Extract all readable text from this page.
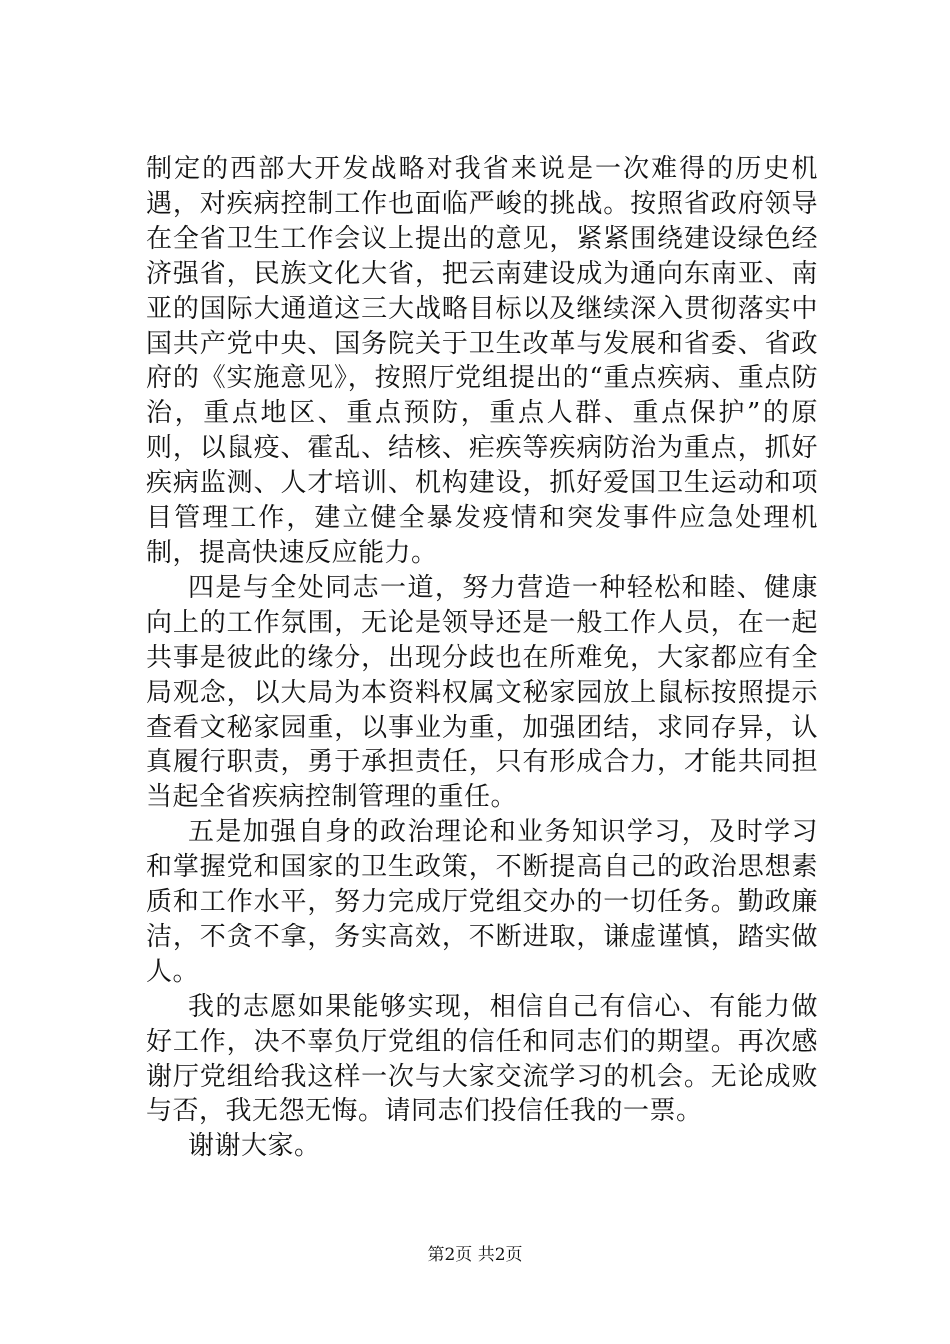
制定的西部大开发战略对我省来说是一次难得的历史机遇，对疾病控制工作也面临严峻的挑战。按照省政府领导在全省卫生工作会议上提出的意见，紧紧围绕建设绿色经济强省，民族文化大省，把云南建设成为通向东南亚、南亚的国际大通道这三大战略目标以及继续深入贯彻落实中国共产党中央、国务院关于卫生改革与发展和省委、省政府的《实施意见》，按照厅党组提出的“重点疾病、重点防治，重点地区、重点预防，重点人群、重点保护”的原则，以鼠疫、霍乱、结核、疟疾等疾病防治为重点，抓好疾病监测、人才培训、机构建设，抓好爱国卫生运动和项目管理工作，建立健全暴发疫情和突发事件应急处理机制，提高快速反应能力。

四是与全处同志一道，努力营造一种轻松和睦、健康向上的工作氛围，无论是领导还是一般工作人员，在一起共事是彼此的缘分，出现分歧也在所难免，大家都应有全局观念，以大局为本资料权属文秘家园放上鼠标按照提示查看文秘家园重，以事业为重，加强团结，求同存异，认真履行职责，勇于承担责任，只有形成合力，才能共同担当起全省疾病控制管理的重任。

五是加强自身的政治理论和业务知识学习，及时学习和掌握党和国家的卫生政策，不断提高自己的政治思想素质和工作水平，努力完成厅党组交办的一切任务。勤政廉洁，不贪不拿，务实高效，不断进取，谦虚谨慎，踏实做人。

我的志愿如果能够实现，相信自己有信心、有能力做好工作，决不辜负厅党组的信任和同志们的期望。再次感谢厅党组给我这样一次与大家交流学习的机会。无论成败与否，我无怨无悔。请同志们投信任我的一票。

谢谢大家。

第2页 共2页
